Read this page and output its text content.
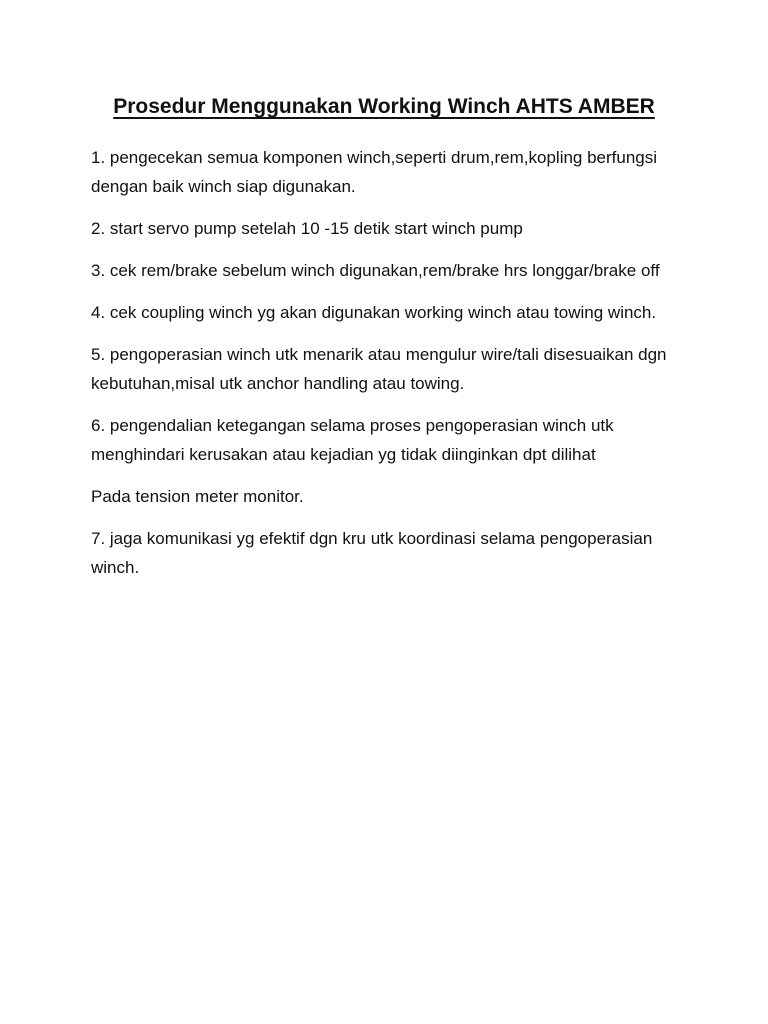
Prosedur Menggunakan Working Winch AHTS AMBER

1. pengecekan semua komponen winch,seperti drum,rem,kopling berfungsi dengan baik winch siap digunakan.

2. start servo pump setelah 10 -15 detik start winch pump

3. cek rem/brake sebelum winch digunakan,rem/brake hrs longgar/brake off

4. cek coupling winch yg akan digunakan working winch atau towing winch.

5. pengoperasian winch utk menarik atau mengulur wire/tali disesuaikan dgn kebutuhan,misal utk anchor handling atau towing.

6. pengendalian ketegangan selama proses pengoperasian winch utk menghindari kerusakan atau kejadian yg tidak diinginkan dpt dilihat

Pada tension meter monitor.

7. jaga komunikasi yg efektif dgn kru utk koordinasi selama pengoperasian winch.
